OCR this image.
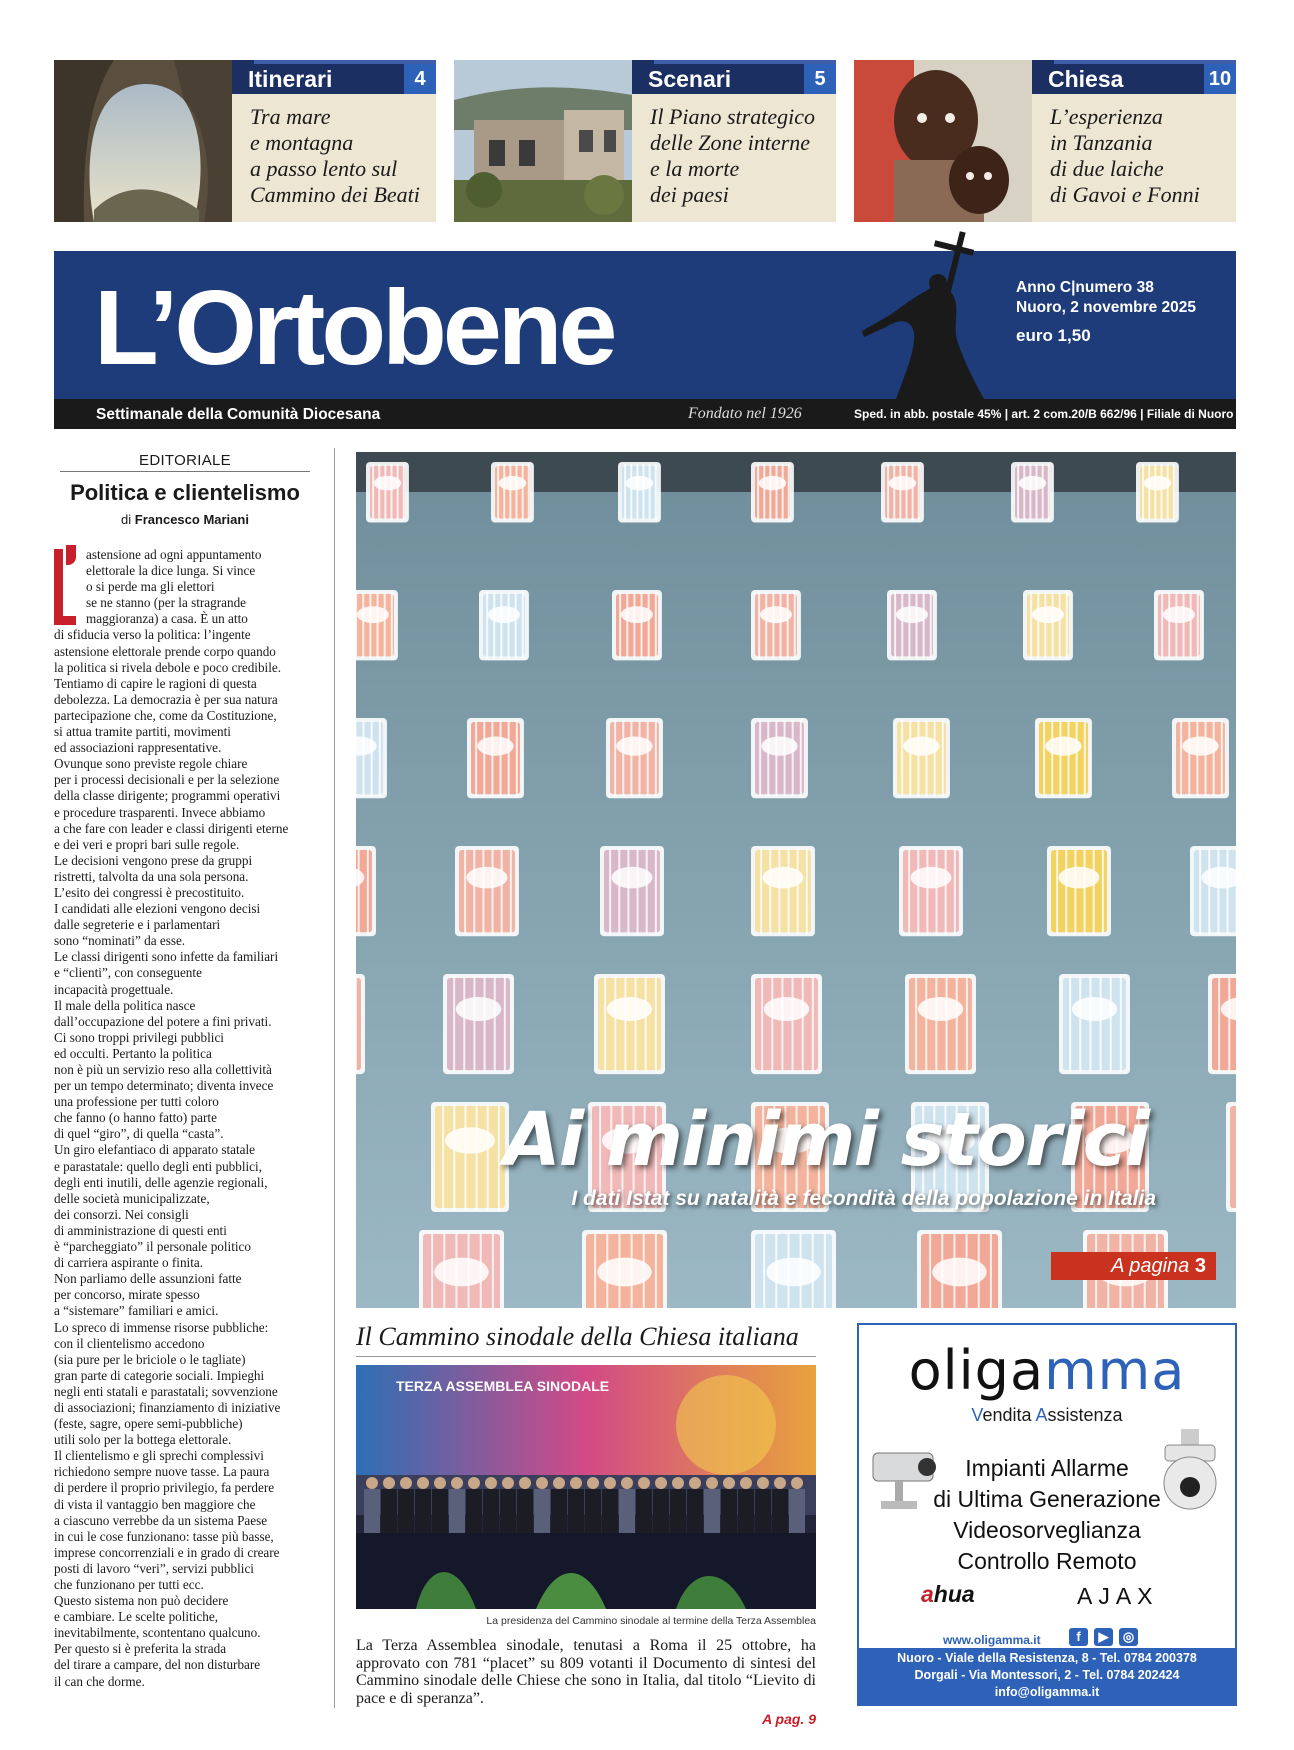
Itinerari	4
Tra mare
e montagna
a passo lento sul
Cammino dei Beati
Scenari	5
Il Piano strategico
delle Zone interne
e la morte
dei paesi
Chiesa	10
L’esperienza
in Tanzania
di due laiche
di Gavoi e Fonni
L’Ortobene	Anno C|numero 38
Nuoro, 2 novembre 2025
euro 1,50
Settimanale della Comunità Diocesana	Fondato nel 1926	Sped. in abb. postale 45% | art. 2 com.20/B 662/96 | Filiale di Nuoro
EDITORIALE
Politica e clientelismo
di Francesco Mariani
astensione ad ogni appuntamento
elettorale la dice lunga. Si vince
o si perde ma gli elettori
se ne stanno (per la stragrande
maggioranza) a casa. È un atto
di sfiducia verso la politica: l’ingente
astensione elettorale prende corpo quando
la politica si rivela debole e poco credibile.
Tentiamo di capire le ragioni di questa
debolezza. La democrazia è per sua natura
partecipazione che, come da Costituzione,
si attua tramite partiti, movimenti
ed associazioni rappresentative.
Ovunque sono previste regole chiare
per i processi decisionali e per la selezione
della classe dirigente; programmi operativi
e procedure trasparenti. Invece abbiamo
a che fare con leader e classi dirigenti eterne
e dei veri e propri bari sulle regole.
Le decisioni vengono prese da gruppi
ristretti, talvolta da una sola persona.
L’esito dei congressi è precostituito.
I candidati alle elezioni vengono decisi
dalle segreterie e i parlamentari
sono “nominati” da esse.
Le classi dirigenti sono infette da familiari
e “clienti”, con conseguente
incapacità progettuale.
Il male della politica nasce
dall’occupazione del potere a fini privati.
Ci sono troppi privilegi pubblici
ed occulti. Pertanto la politica
non è più un servizio reso alla collettività
per un tempo determinato; diventa invece
una professione per tutti coloro
che fanno (o hanno fatto) parte
di quel “giro”, di quella “casta”.
Un giro elefantiaco di apparato statale
e parastatale: quello degli enti pubblici,
degli enti inutili, delle agenzie regionali,
delle società municipalizzate,
dei consorzi. Nei consigli
di amministrazione di questi enti
è “parcheggiato” il personale politico
di carriera aspirante o finita.
Non parliamo delle assunzioni fatte
per concorso, mirate spesso
a “sistemare” familiari e amici.
Lo spreco di immense risorse pubbliche:
con il clientelismo accedono
(sia pure per le briciole o le tagliate)
gran parte di categorie sociali. Impieghi
negli enti statali e parastatali; sovvenzione
di associazioni; finanziamento di iniziative
(feste, sagre, opere semi-pubbliche)
utili solo per la bottega elettorale.
Il clientelismo e gli sprechi complessivi
richiedono sempre nuove tasse. La paura
di perdere il proprio privilegio, fa perdere
di vista il vantaggio ben maggiore che
a ciascuno verrebbe da un sistema Paese
in cui le cose funzionano: tasse più basse,
imprese concorrenziali e in grado di creare
posti di lavoro “veri”, servizi pubblici
che funzionano per tutti ecc.
Questo sistema non può decidere
e cambiare. Le scelte politiche,
inevitabilmente, scontentano qualcuno.
Per questo si è preferita la strada
del tirare a campare, del non disturbare
il can che dorme.
Ai minimi storici
I dati Istat su natalità e fecondità della popolazione in Italia
A pagina 3
Il Cammino sinodale della Chiesa italiana
TERZA ASSEMBLEA SINODALE
La presidenza del Cammino sinodale al termine della Terza Assemblea
La Terza Assemblea sinodale, tenutasi a Roma il 25 ottobre, ha approvato con 781 “placet” su 809 votanti il Documento di sintesi del Cammino sinodale delle Chiese che sono in Italia, dal titolo “Lievito di pace e di speranza”.
A pag. 9
oligamma
Vendita Assistenza
Impianti Allarme
di Ultima Generazione
Videosorveglianza
Controllo Remoto
ahua	AJAX
www.oligamma.it	f ▶ ◎
Nuoro - Viale della Resistenza, 8 - Tel. 0784 200378
Dorgali - Via Montessori, 2 - Tel. 0784 202424
info@oligamma.it
